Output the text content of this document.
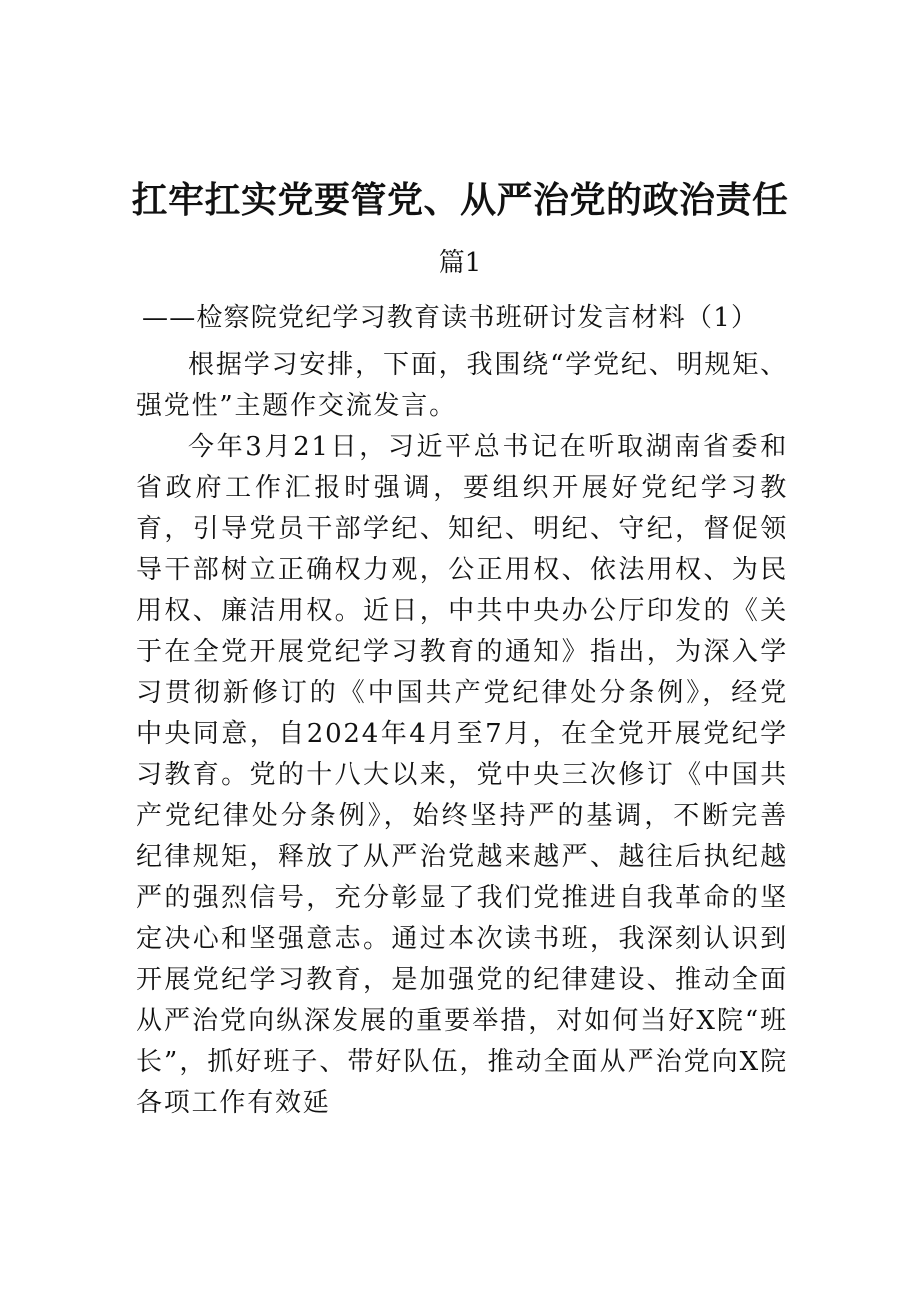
扛牢扛实党要管党、从严治党的政治责任
篇1
——检察院党纪学习教育读书班研讨发言材料（1）

根据学习安排，下面，我围绕“学党纪、明规矩、强党性”主题作交流发言。

今年3月21日，习近平总书记在听取湖南省委和省政府工作汇报时强调，要组织开展好党纪学习教育，引导党员干部学纪、知纪、明纪、守纪，督促领导干部树立正确权力观，公正用权、依法用权、为民用权、廉洁用权。近日，中共中央办公厅印发的《关于在全党开展党纪学习教育的通知》指出，为深入学习贯彻新修订的《中国共产党纪律处分条例》，经党中央同意，自2024年4月至7月，在全党开展党纪学习教育。党的十八大以来，党中央三次修订《中国共产党纪律处分条例》，始终坚持严的基调，不断完善纪律规矩，释放了从严治党越来越严、越往后执纪越严的强烈信号，充分彰显了我们党推进自我革命的坚定决心和坚强意志。通过本次读书班，我深刻认识到开展党纪学习教育，是加强党的纪律建设、推动全面从严治党向纵深发展的重要举措，对如何当好X院“班长”，抓好班子、带好队伍，推动全面从严治党向X院各项工作有效延
